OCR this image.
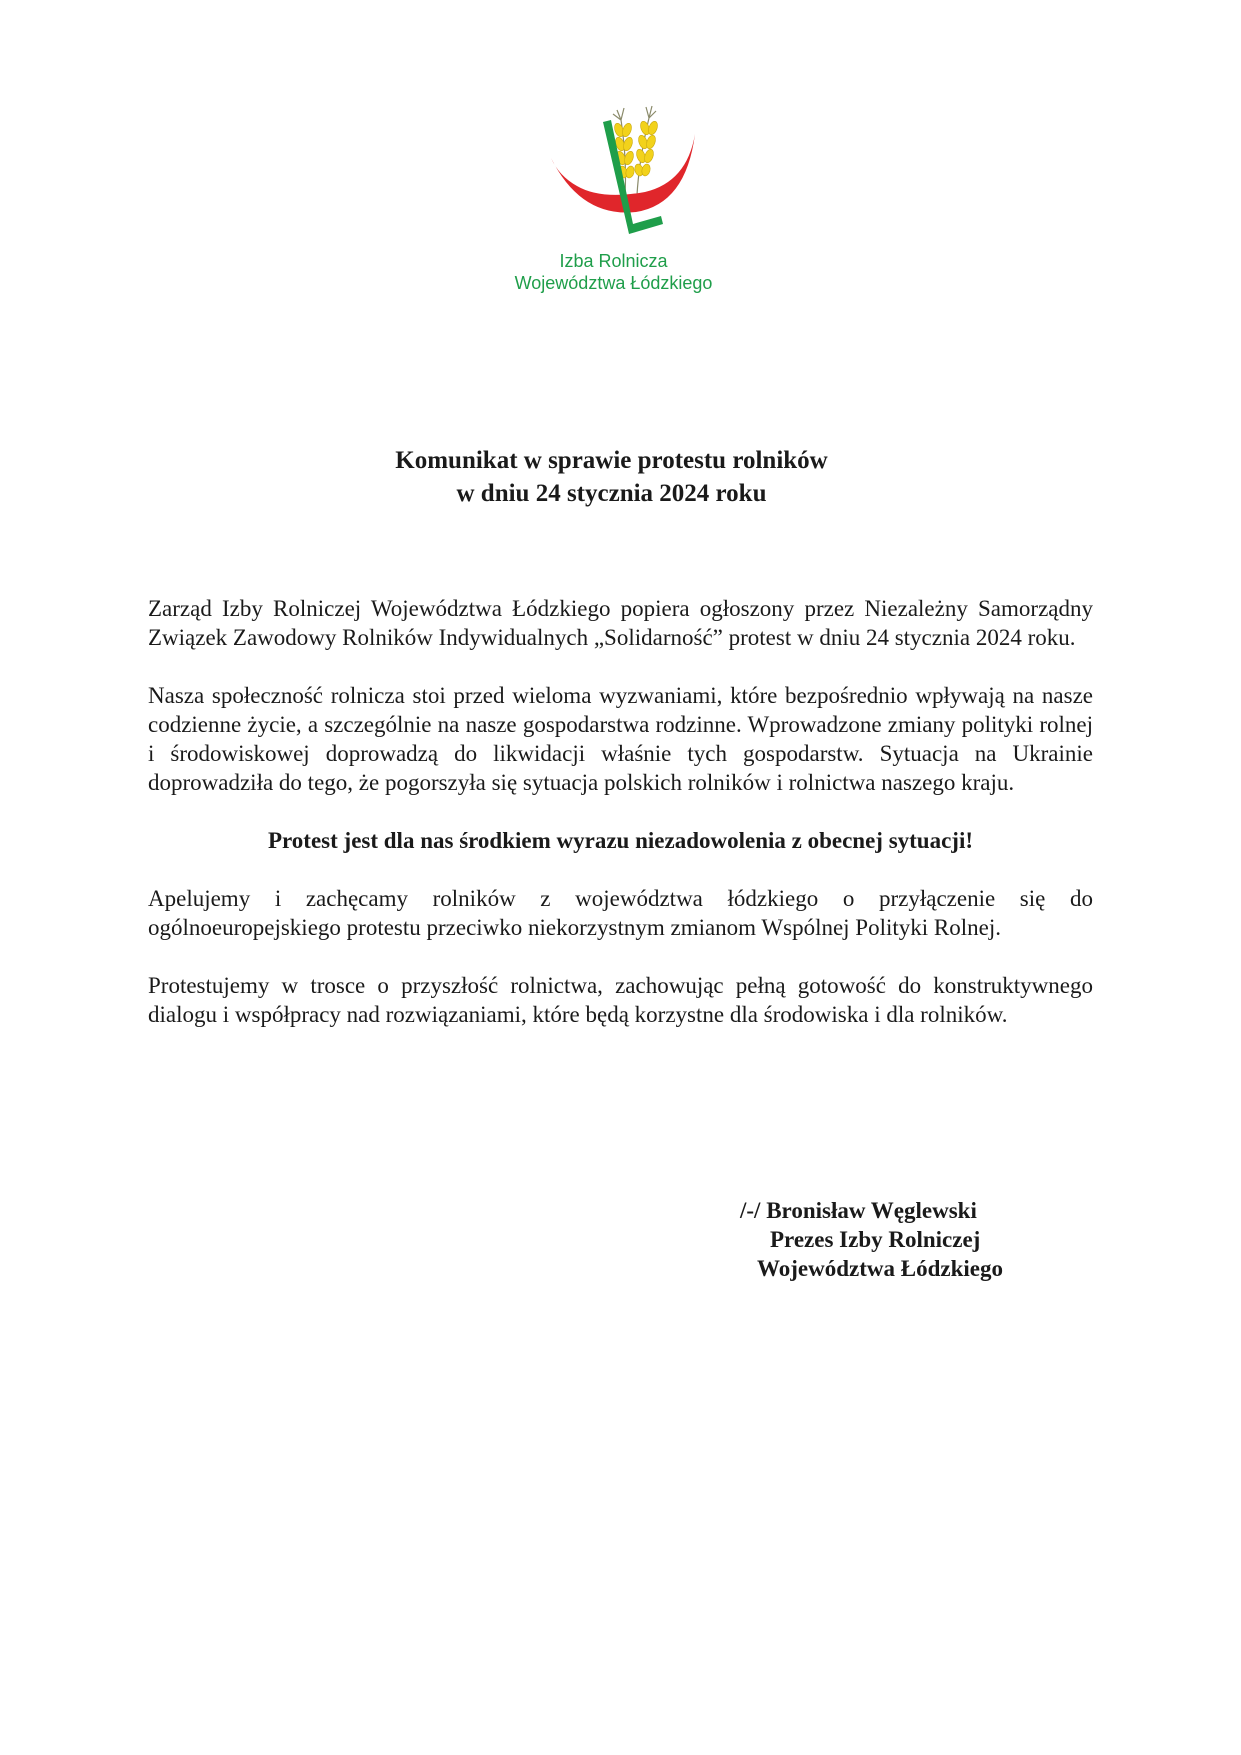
Izba Rolnicza
Województwa Łódzkiego
Komunikat w sprawie protestu rolników
w dniu 24 stycznia 2024 roku

Zarząd Izby Rolniczej Województwa Łódzkiego popiera ogłoszony przez Niezależny Samorządny Związek Zawodowy Rolników Indywidualnych „Solidarność” protest w dniu 24 stycznia 2024 roku.

Nasza społeczność rolnicza stoi przed wieloma wyzwaniami, które bezpośrednio wpływają na nasze codzienne życie, a szczególnie na nasze gospodarstwa rodzinne. Wprowadzone zmiany polityki rolnej i środowiskowej doprowadzą do likwidacji właśnie tych gospodarstw. Sytuacja na Ukrainie doprowadziła do tego, że pogorszyła się sytuacja polskich rolników i rolnictwa naszego kraju.

Protest jest dla nas środkiem wyrazu niezadowolenia z obecnej sytuacji!

Apelujemy i zachęcamy rolników z województwa łódzkiego o przyłączenie się do ogólnoeuropejskiego protestu przeciwko niekorzystnym zmianom Wspólnej Polityki Rolnej.

Protestujemy w trosce o przyszłość rolnictwa, zachowując pełną gotowość do konstruktywnego dialogu i współpracy nad rozwiązaniami, które będą korzystne dla środowiska i dla rolników.

/-/ Bronisław Węglewski
Prezes Izby Rolniczej
Województwa Łódzkiego
